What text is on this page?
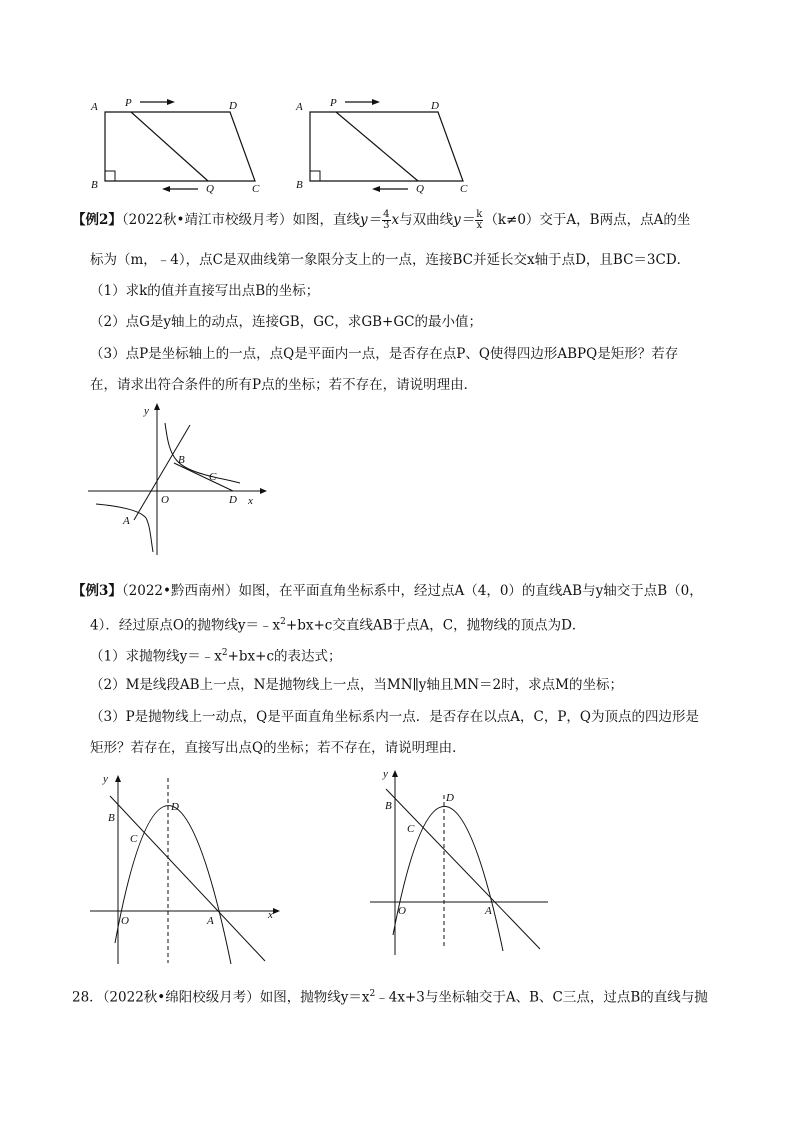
A P	D
B	Q	C
A P	D
B	Q	C
【例2】（2022秋•靖江市校级月考）如图，直线$y= \frac{4}{3}$ x与双曲线$y= \frac{k}{x} (k\ne 0)$交于A，B两点，点A的坐
标为（m，﹣4），点C是双曲线第一象限分支上的一点，连接BC并延长交x轴于点D，且BC＝3CD．
（1）求k的值并直接写出点B的坐标；
（2）点G是y轴上的动点，连接GB，GC，求GB+GC的最小值；
（3）点P是坐标轴上的一点，点Q是平面内一点，是否存在点P、Q使得四边形ABPQ是矩形？若存
在，请求出符合条件的所有P点的坐标；若不存在，请说明理由．
y
x
O
B
C
D
A
【例3】（2022•黔西南州）如图，在平面直角坐标系中，经过点A（4，0）的直线AB与y轴交于点B（0，
4）．经过原点O的抛物线$y=﹣x^2+bx+c$交直线AB于点A，C，抛物线的顶点为D．
（1）求抛物线$y=﹣x^2+bx+c$的表达式；
（2）M是线段AB上一点，N是抛物线上一点，当MN∥y轴且MN＝2时，求点M的坐标；
（3）P是抛物线上一动点，Q是平面直角坐标系内一点．是否存在以点A，C，P，Q为顶点的四边形是
矩形？若存在，直接写出点Q的坐标；若不存在，请说明理由．
y
x
O
B
C
D
A
y
O
B
C
D
A
28．（2022秋•绵阳校级月考）如图，抛物线$y=x^2﹣4x+3$与坐标轴交于A、B、C三点，过点B的直线与抛
